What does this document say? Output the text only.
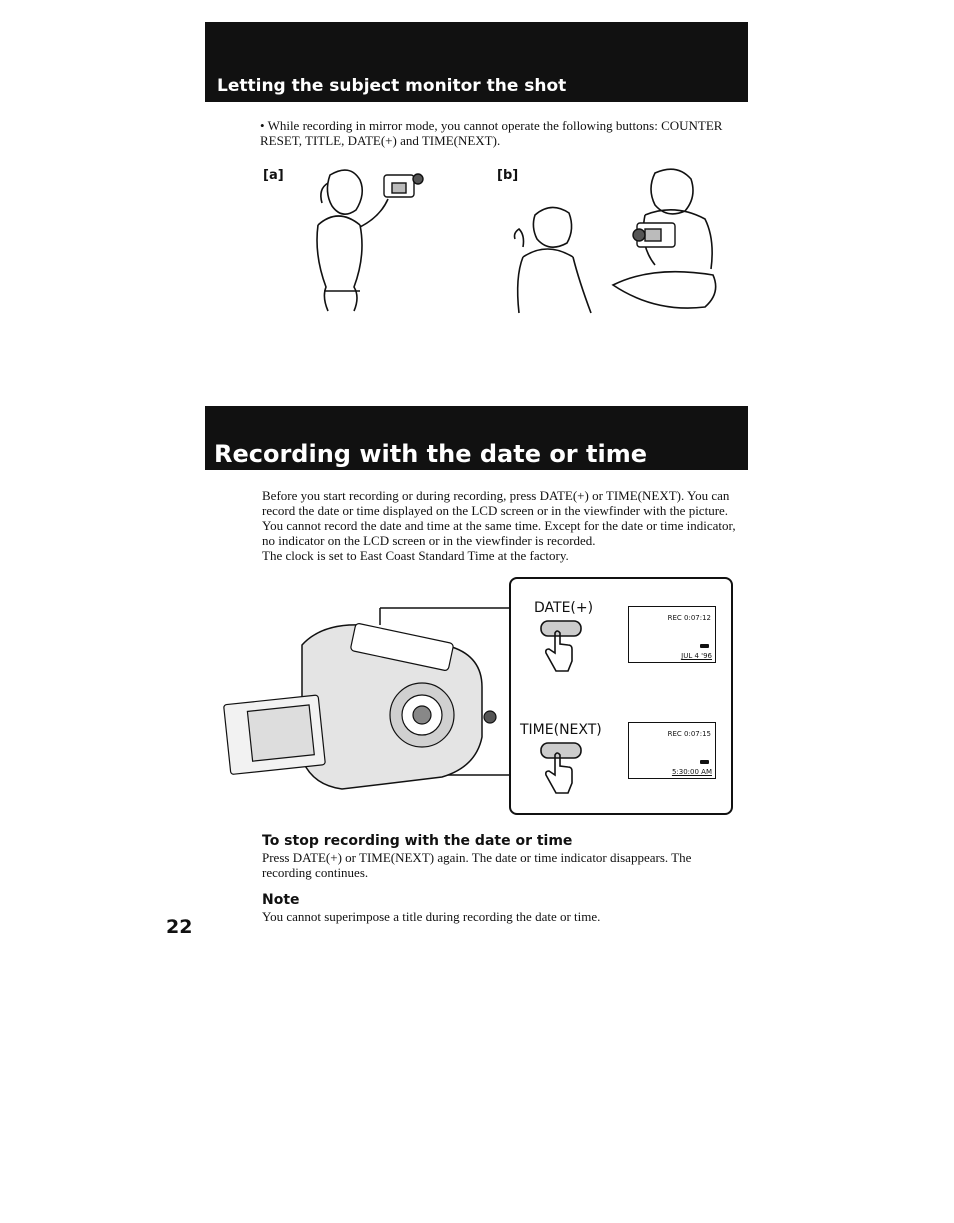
Letting the subject monitor the shot
• While recording in mirror mode, you cannot operate the following buttons: COUNTER RESET, TITLE, DATE(+) and TIME(NEXT).
[a]	[b]
Recording with the date or time

Before you start recording or during recording, press DATE(+) or TIME(NEXT). You can record the date or time displayed on the LCD screen or in the viewfinder with the picture. You cannot record the date and time at the same time. Except for the date or time indicator, no indicator on the LCD screen or in the viewfinder is recorded.

The clock is set to East Coast Standard Time at the factory.

DATE(+)
REC 0:07:12
JUL 4 '96
TIME(NEXT)	REC 0:07:15
5:30:00 AM
To stop recording with the date or time
Press DATE(+) or TIME(NEXT) again. The date or time indicator disappears. The recording continues.
Note
You cannot superimpose a title during recording the date or time.
22
